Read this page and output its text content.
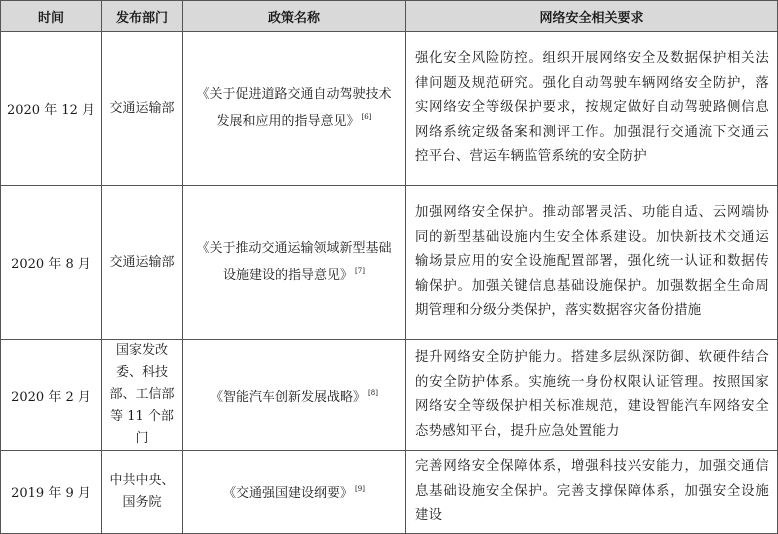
时间	发布部门	政策名称	网络安全相关要求
2020 年 12 月	交通运输部	《关于促进道路交通自动驾驶技术发展和应用的指导意见》 [6]	强化安全风险防控。组织开展网络安全及数据保护相关法律问题及规范研究。强化自动驾驶车辆网络安全防护，落实网络安全等级保护要求，按规定做好自动驾驶路侧信息网络系统定级备案和测评工作。加强混行交通流下交通云控平台、营运车辆监管系统的安全防护
2020 年 8 月	交通运输部	《关于推动交通运输领域新型基础设施建设的指导意见》 [7]	加强网络安全保护。推动部署灵活、功能自适、云网端协同的新型基础设施内生安全体系建设。加快新技术交通运输场景应用的安全设施配置部署，强化统一认证和数据传输保护。加强关键信息基础设施保护。加强数据全生命周期管理和分级分类保护，落实数据容灾备份措施
2020 年 2 月	国家发改委、科技部、工信部等 11 个部门	《智能汽车创新发展战略》 [8]	提升网络安全防护能力。搭建多层纵深防御、软硬件结合的安全防护体系。实施统一身份权限认证管理。按照国家网络安全等级保护相关标准规范，建设智能汽车网络安全态势感知平台，提升应急处置能力
2019 年 9 月	中共中央、国务院	《交通强国建设纲要》 [9]	完善网络安全保障体系，增强科技兴安能力，加强交通信息基础设施安全保护。完善支撑保障体系，加强安全设施建设
